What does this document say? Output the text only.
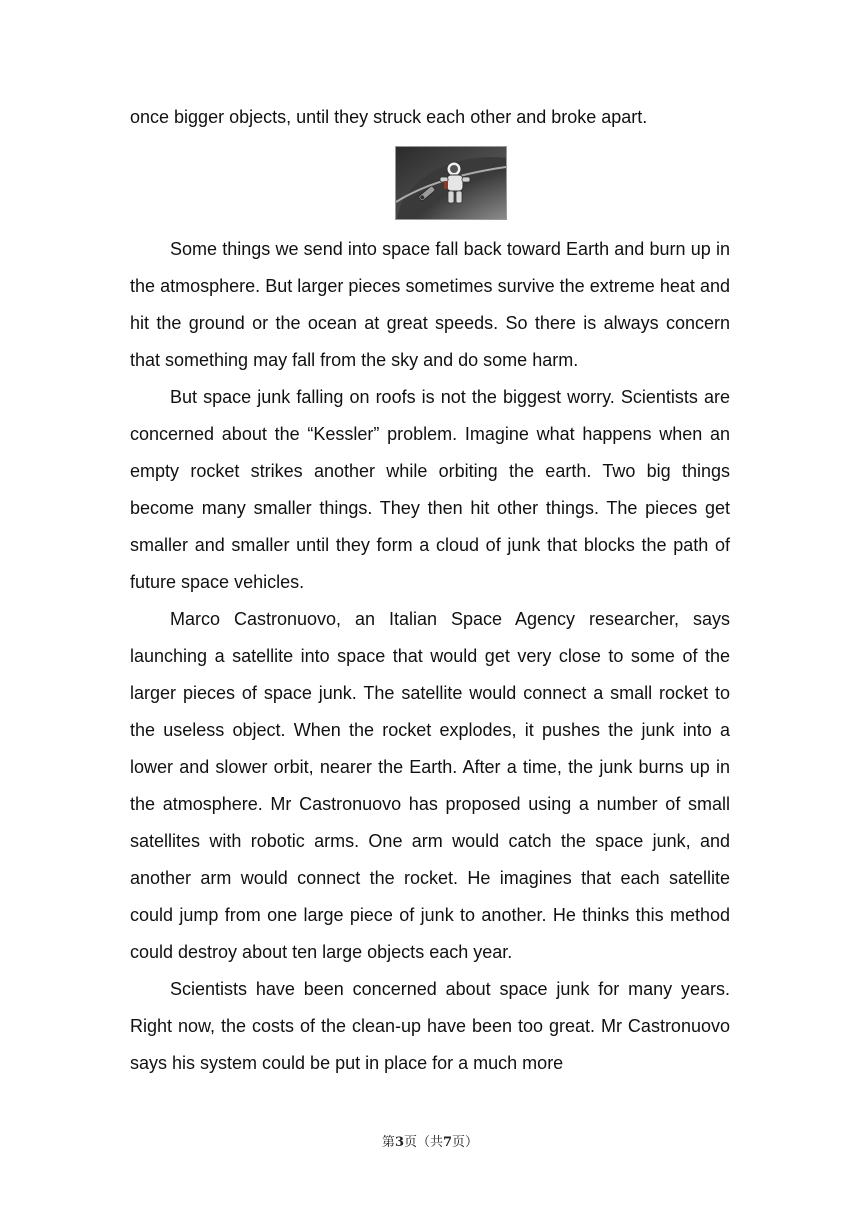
once bigger objects, until they struck each other and broke apart.

Some things we send into space fall back toward Earth and burn up in the atmosphere. But larger pieces sometimes survive the extreme heat and hit the ground or the ocean at great speeds. So there is always concern that something may fall from the sky and do some harm.

But space junk falling on roofs is not the biggest worry. Scientists are concerned about the “Kessler” problem. Imagine what happens when an empty rocket strikes another while orbiting the earth. Two big things become many smaller things. They then hit other things. The pieces get smaller and smaller until they form a cloud of junk that blocks the path of future space vehicles.

Marco Castronuovo, an Italian Space Agency researcher, says launching a satellite into space that would get very close to some of the larger pieces of space junk. The satellite would connect a small rocket to the useless object. When the rocket explodes, it pushes the junk into a lower and slower orbit, nearer the Earth. After a time, the junk burns up in the atmosphere. Mr Castronuovo has proposed using a number of small satellites with robotic arms. One arm would catch the space junk, and another arm would connect the rocket. He imagines that each satellite could jump from one large piece of junk to another. He thinks this method could destroy about ten large objects each year.

Scientists have been concerned about space junk for many years. Right now, the costs of the clean-up have been too great. Mr Castronuovo says his system could be put in place for a much more

第3页（共7页）
